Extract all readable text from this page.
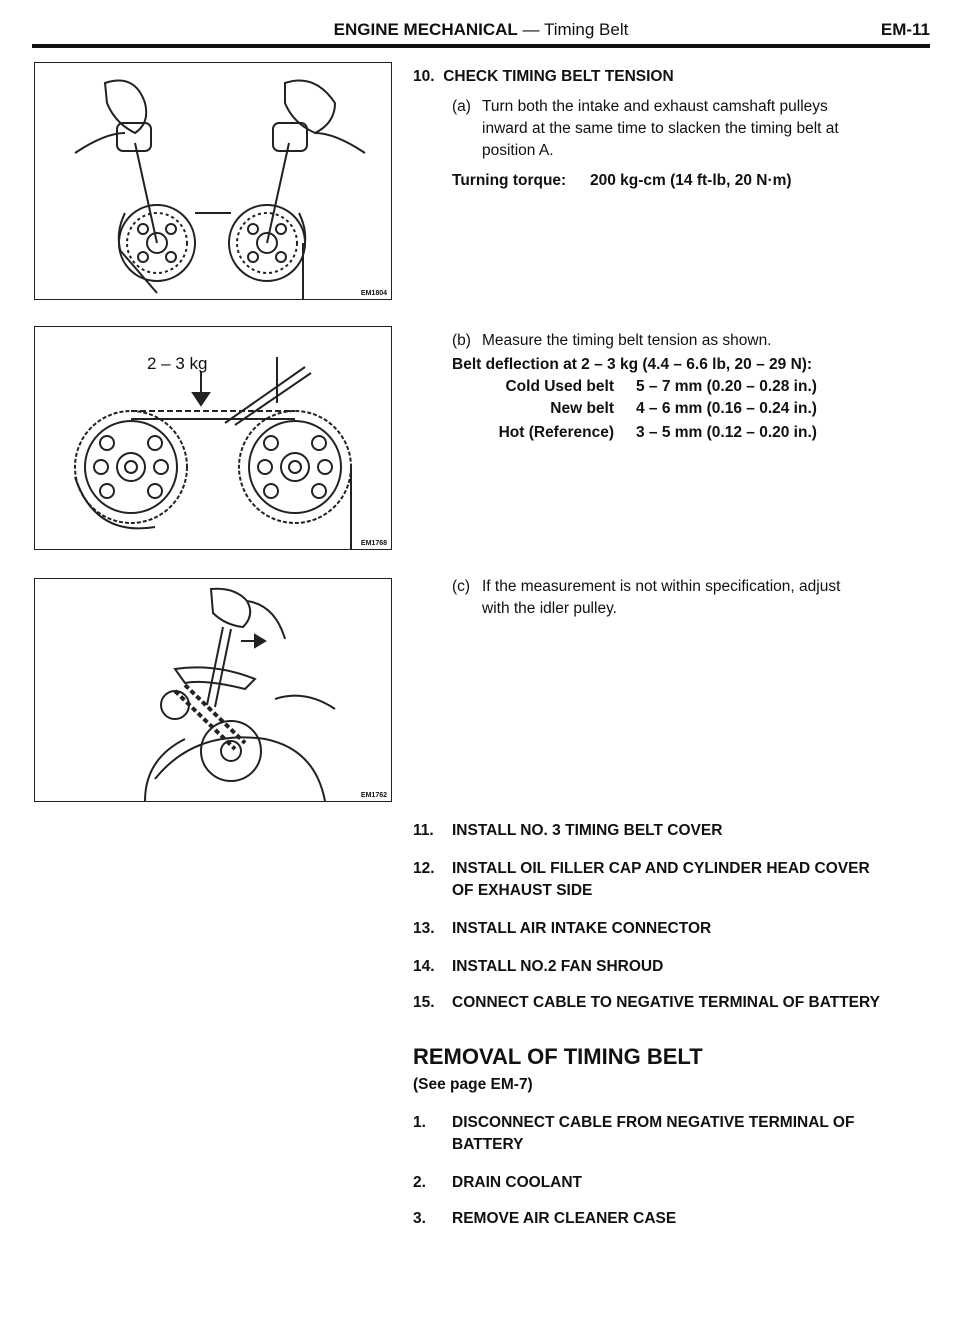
ENGINE MECHANICAL — Timing Belt	EM-11
EM1804
2 – 3 kg
EM1768
EM1762
10. CHECK TIMING BELT TENSION
(a) Turn both the intake and exhaust camshaft pulleys
inward at the same time to slacken the timing belt at
position A.
Turning torque: 200 kg-cm (14 ft-lb, 20 N·m)
(b) Measure the timing belt tension as shown.
Belt deflection at 2 – 3 kg (4.4 – 6.6 lb, 20 – 29 N):
Cold Used belt 5 – 7 mm (0.20 – 0.28 in.)
New belt 4 – 6 mm (0.16 – 0.24 in.)
Hot (Reference) 3 – 5 mm (0.12 – 0.20 in.)
(c) If the measurement is not within specification, adjust
with the idler pulley.
11. INSTALL NO. 3 TIMING BELT COVER
12. INSTALL OIL FILLER CAP AND CYLINDER HEAD COVER
OF EXHAUST SIDE
13. INSTALL AIR INTAKE CONNECTOR
14. INSTALL NO.2 FAN SHROUD
15. CONNECT CABLE TO NEGATIVE TERMINAL OF BATTERY
REMOVAL OF TIMING BELT
(See page EM-7)
1. DISCONNECT CABLE FROM NEGATIVE TERMINAL OF
BATTERY
2. DRAIN COOLANT
3. REMOVE AIR CLEANER CASE
